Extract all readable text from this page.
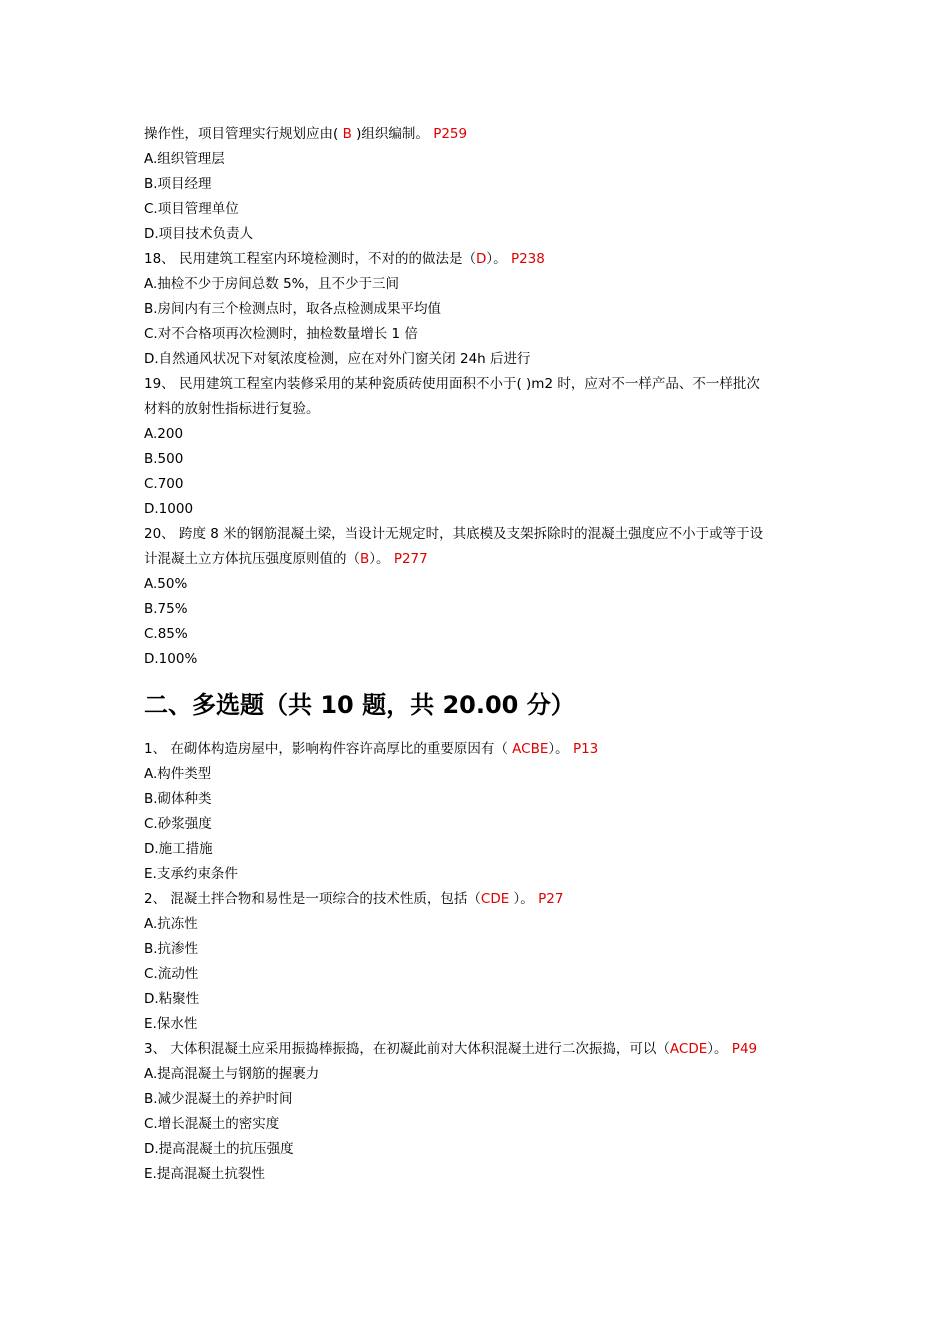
操作性，项目管理实行规划应由( B )组织编制。 P259
A.组织管理层
B.项目经理
C.项目管理单位
D.项目技术负责人
18、 民用建筑工程室内环境检测时，不对的的做法是（D）。 P238
A.抽检不少于房间总数 5%，且不少于三间
B.房间内有三个检测点时，取各点检测成果平均值
C.对不合格项再次检测时，抽检数量增长 1 倍
D.自然通风状况下对氡浓度检测，应在对外门窗关闭 24h 后进行
19、 民用建筑工程室内装修采用的某种瓷质砖使用面积不小于( )m2 时，应对不一样产品、不一样批次
材料的放射性指标进行复验。
A.200
B.500
C.700
D.1000
20、 跨度 8 米的钢筋混凝土梁，当设计无规定时，其底模及支架拆除时的混凝土强度应不小于或等于设
计混凝土立方体抗压强度原则值的（B）。 P277
A.50%
B.75%
C.85%
D.100%
二、多选题（共 10 题，共 20.00 分）
1、 在砌体构造房屋中，影响构件容许高厚比的重要原因有（ ACBE）。 P13
A.构件类型
B.砌体种类
C.砂浆强度
D.施工措施
E.支承约束条件
2、 混凝土拌合物和易性是一项综合的技术性质，包括（CDE ）。 P27
A.抗冻性
B.抗渗性
C.流动性
D.粘聚性
E.保水性
3、 大体积混凝土应采用振捣棒振捣，在初凝此前对大体积混凝土进行二次振捣，可以（ACDE）。 P49
A.提高混凝土与钢筋的握裹力
B.减少混凝土的养护时间
C.增长混凝土的密实度
D.提高混凝土的抗压强度
E.提高混凝土抗裂性
